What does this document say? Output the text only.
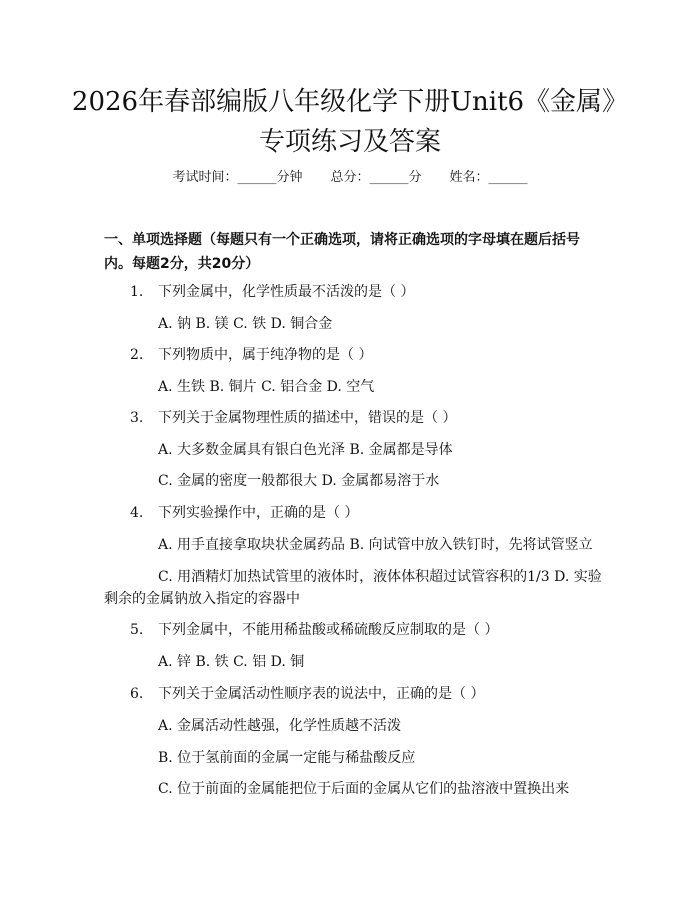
2026年春部编版八年级化学下册Unit6《金属》专项练习及答案
考试时间：______分钟 总分：______分 姓名：______

一、单项选择题（每题只有一个正确选项，请将正确选项的字母填在题后括号内。每题2分，共20分）

1. 下列金属中，化学性质最不活泼的是（ ）
A. 钠 B. 镁 C. 铁 D. 铜合金
2. 下列物质中，属于纯净物的是（ ）
A. 生铁 B. 铜片 C. 铝合金 D. 空气
3. 下列关于金属物理性质的描述中，错误的是（ ）
A. 大多数金属具有银白色光泽 B. 金属都是导体
C. 金属的密度一般都很大 D. 金属都易溶于水
4. 下列实验操作中，正确的是（ ）
A. 用手直接拿取块状金属药品 B. 向试管中放入铁钉时，先将试管竖立
C. 用酒精灯加热试管里的液体时，液体体积超过试管容积的1/3 D. 实验剩余的金属钠放入指定的容器中
5. 下列金属中，不能用稀盐酸或稀硫酸反应制取的是（ ）
A. 锌 B. 铁 C. 铝 D. 铜
6. 下列关于金属活动性顺序表的说法中，正确的是（ ）
A. 金属活动性越强，化学性质越不活泼
B. 位于氢前面的金属一定能与稀盐酸反应
C. 位于前面的金属能把位于后面的金属从它们的盐溶液中置换出来
